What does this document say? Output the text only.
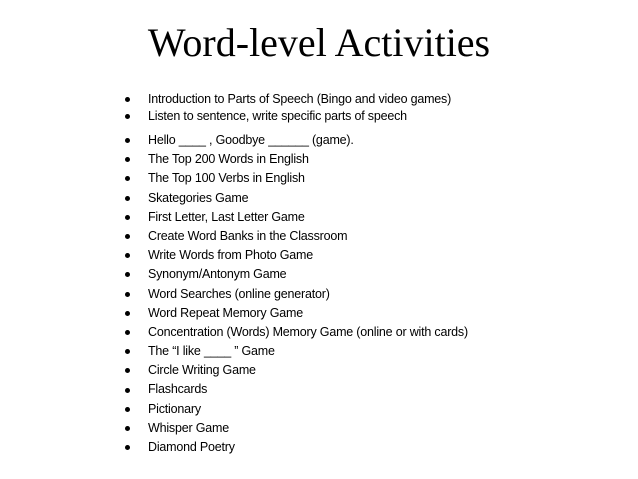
Word-level Activities
Introduction to Parts of Speech (Bingo and video games)
Listen to sentence, write specific parts of speech
Hello ____ , Goodbye ______ (game).
The Top 200 Words in English
The Top 100 Verbs in English
Skategories Game
First Letter, Last Letter Game
Create Word Banks in the Classroom
Write Words from Photo Game
Synonym/Antonym Game
Word Searches (online generator)
Word Repeat Memory Game
Concentration (Words) Memory Game (online or with cards)
The “I like ____ ” Game
Circle Writing Game
Flashcards
Pictionary
Whisper Game
Diamond Poetry
